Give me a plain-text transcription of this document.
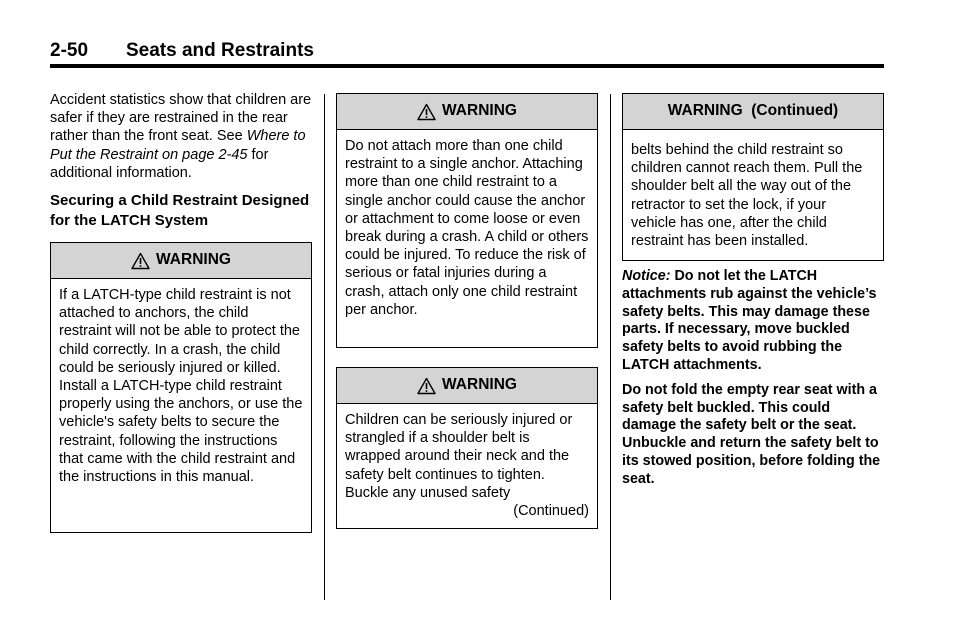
2-50 Seats and Restraints

Accident statistics show that children are safer if they are restrained in the rear rather than the front seat. See Where to Put the Restraint on page 2-45 for additional information.

Securing a Child Restraint Designed for the LATCH System

WARNING

If a LATCH-type child restraint is not attached to anchors, the child restraint will not be able to protect the child correctly. In a crash, the child could be seriously injured or killed. Install a LATCH-type child restraint properly using the anchors, or use the vehicle's safety belts to secure the restraint, following the instructions that came with the child restraint and the instructions in this manual.

WARNING

Do not attach more than one child restraint to a single anchor. Attaching more than one child restraint to a single anchor could cause the anchor or attachment to come loose or even break during a crash. A child or others could be injured. To reduce the risk of serious or fatal injuries during a crash, attach only one child restraint per anchor.

WARNING

Children can be seriously injured or strangled if a shoulder belt is wrapped around their neck and the safety belt continues to tighten. Buckle any unused safety

(Continued)

WARNING  (Continued)

belts behind the child restraint so children cannot reach them. Pull the shoulder belt all the way out of the retractor to set the lock, if your vehicle has one, after the child restraint has been installed.

Notice: Do not let the LATCH attachments rub against the vehicle’s safety belts. This may damage these parts. If necessary, move buckled safety belts to avoid rubbing the LATCH attachments.

Do not fold the empty rear seat with a safety belt buckled. This could damage the safety belt or the seat. Unbuckle and return the safety belt to its stowed position, before folding the seat.
